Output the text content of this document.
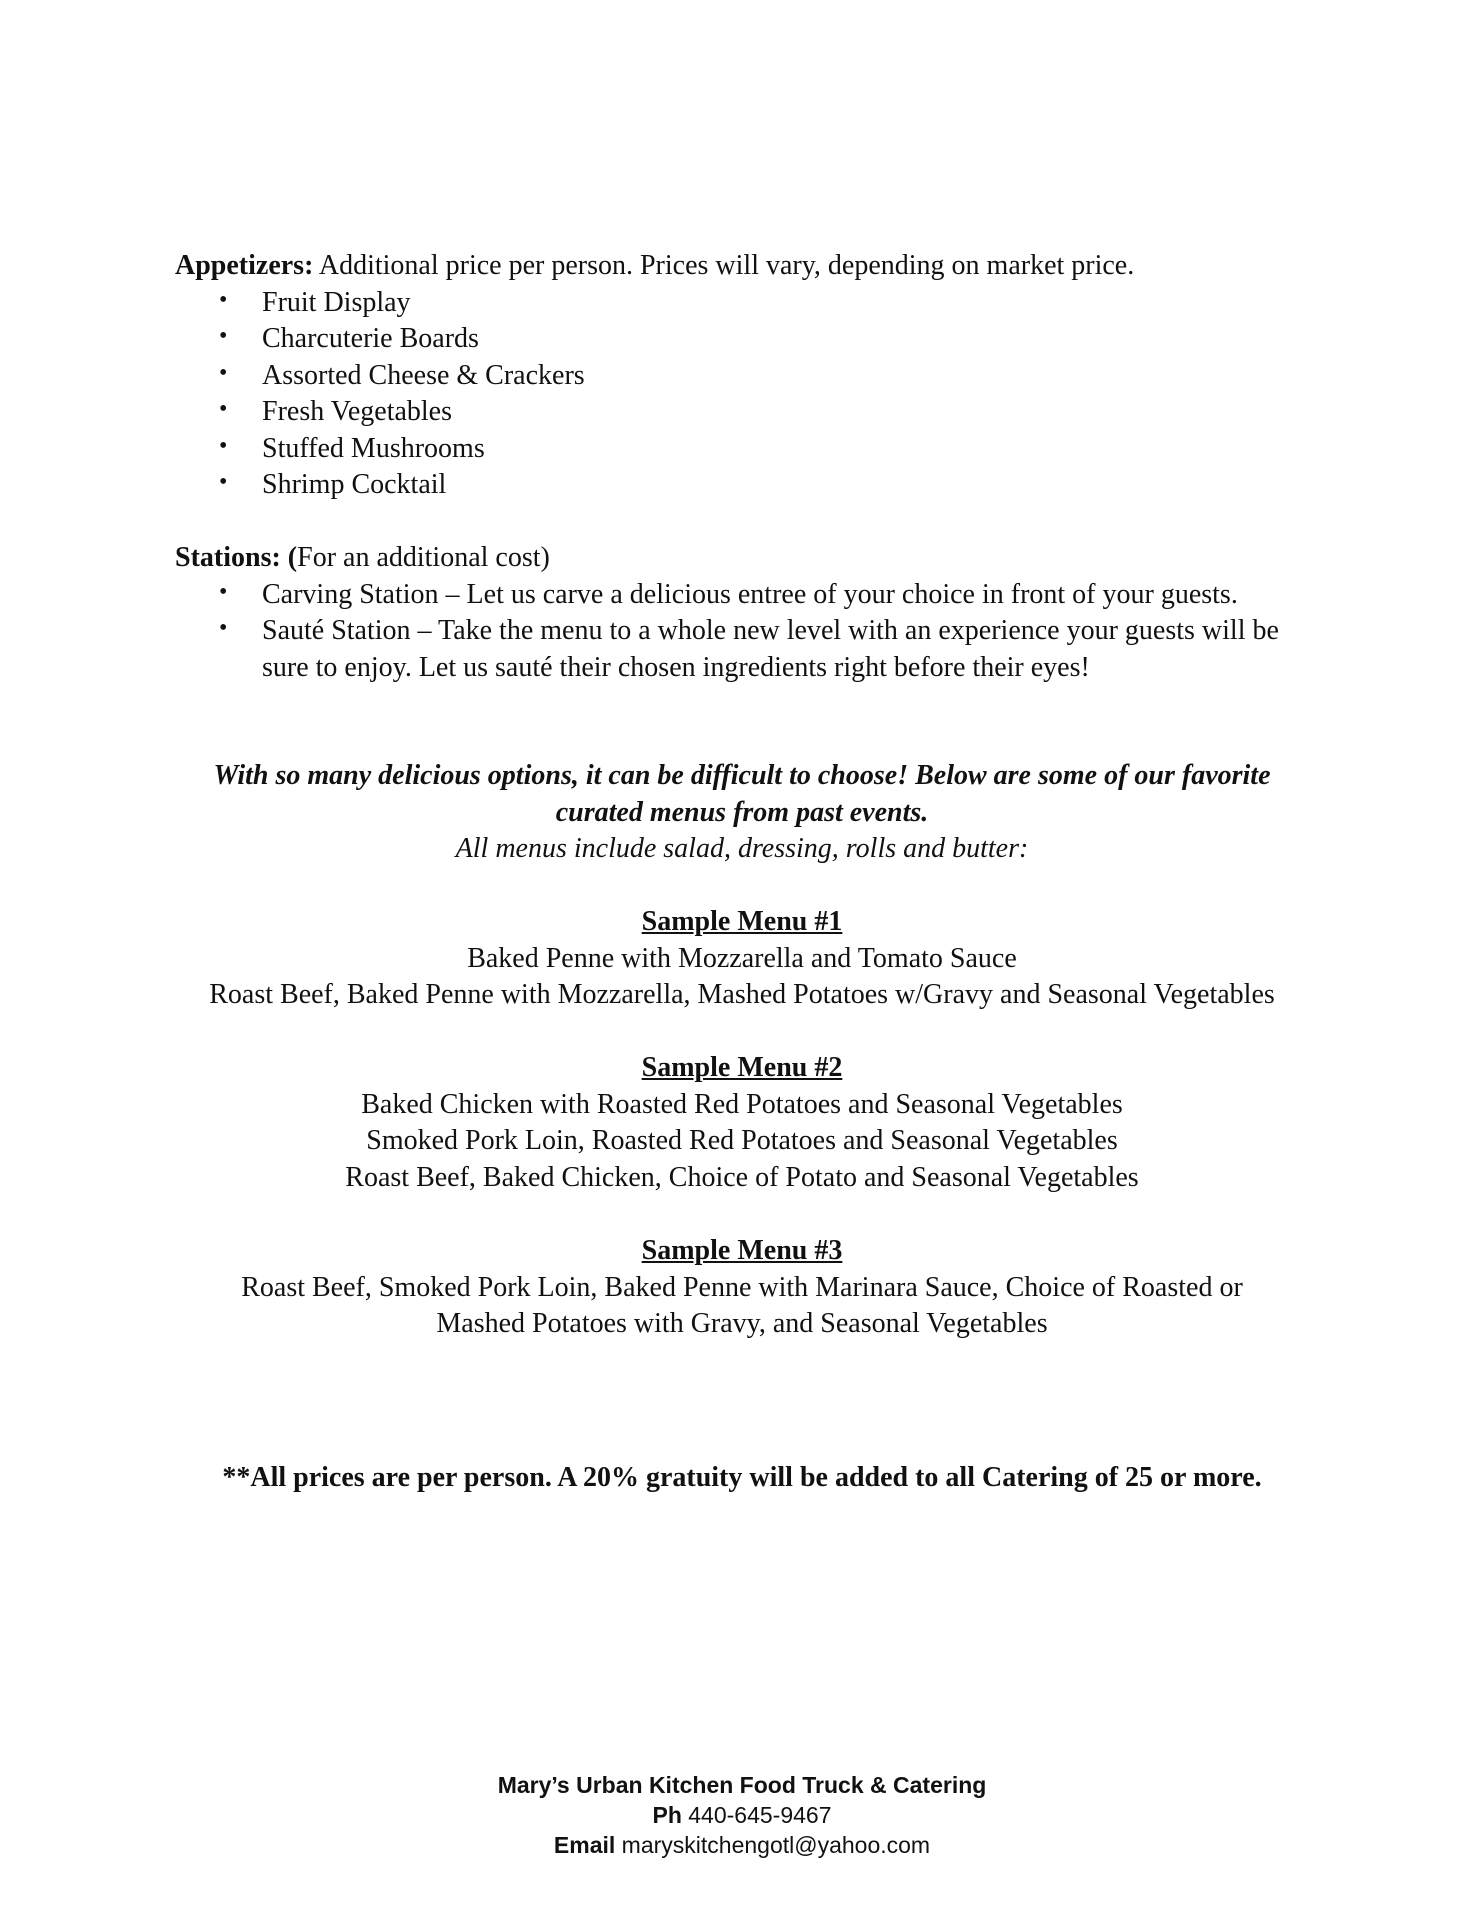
Appetizers: Additional price per person. Prices will vary, depending on market price.

• Fruit Display
• Charcuterie Boards
• Assorted Cheese & Crackers
• Fresh Vegetables
• Stuffed Mushrooms
• Shrimp Cocktail

Stations: (For an additional cost)

• Carving Station – Let us carve a delicious entree of your choice in front of your guests.
• Sauté Station – Take the menu to a whole new level with an experience your guests will be sure to enjoy. Let us sauté their chosen ingredients right before their eyes!

With so many delicious options, it can be difficult to choose! Below are some of our favorite

curated menus from past events.

All menus include salad, dressing, rolls and butter:

Sample Menu #1

Baked Penne with Mozzarella and Tomato Sauce

Roast Beef, Baked Penne with Mozzarella, Mashed Potatoes w/Gravy and Seasonal Vegetables

Sample Menu #2

Baked Chicken with Roasted Red Potatoes and Seasonal Vegetables

Smoked Pork Loin, Roasted Red Potatoes and Seasonal Vegetables

Roast Beef, Baked Chicken, Choice of Potato and Seasonal Vegetables

Sample Menu #3

Roast Beef, Smoked Pork Loin, Baked Penne with Marinara Sauce, Choice of Roasted or

Mashed Potatoes with Gravy, and Seasonal Vegetables

**All prices are per person. A 20% gratuity will be added to all Catering of 25 or more.

Mary’s Urban Kitchen Food Truck & Catering

Ph 440-645-9467

Email maryskitchengotl@yahoo.com
